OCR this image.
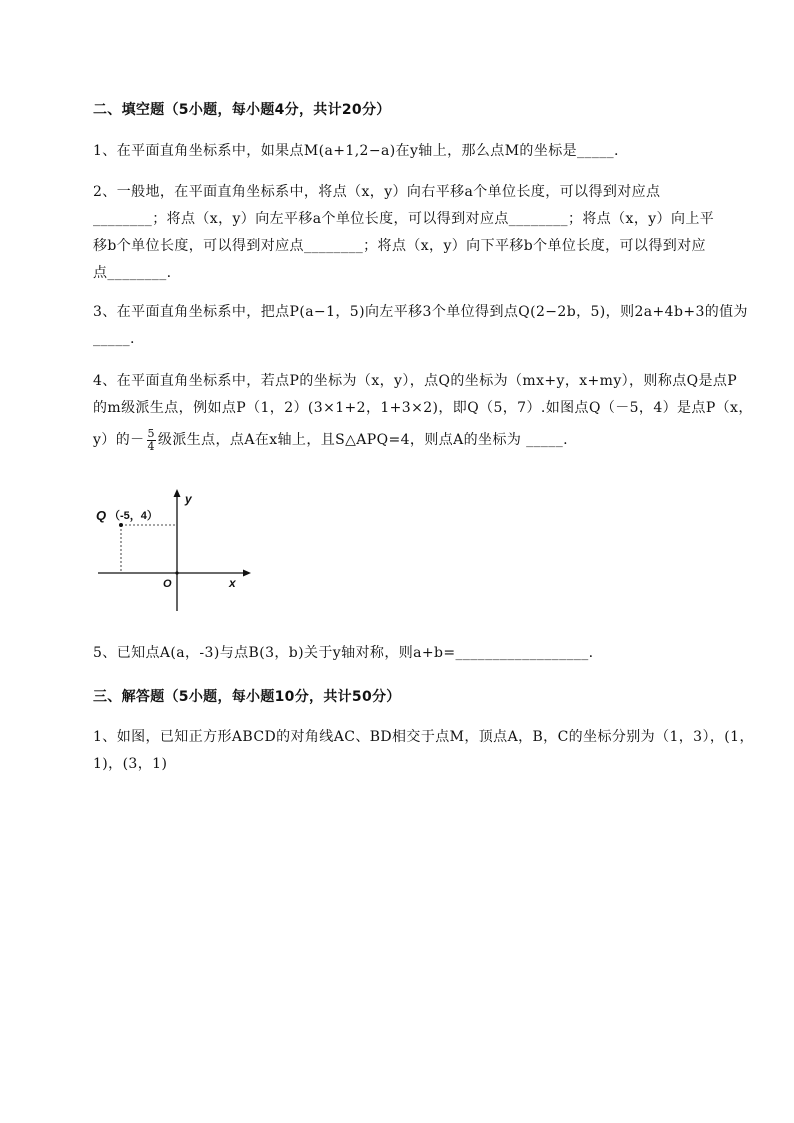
二、填空题（5小题，每小题4分，共计20分）
1、在平面直角坐标系中，如果点M(a+1,2−a)在y轴上，那么点M的坐标是_____.
2、一般地，在平面直角坐标系中，将点（x，y）向右平移a个单位长度，可以得到对应点
________；将点（x，y）向左平移a个单位长度，可以得到对应点________；将点（x，y）向上平
移b个单位长度，可以得到对应点________；将点（x，y）向下平移b个单位长度，可以得到对应
点________.
3、在平面直角坐标系中，把点P(a−1，5)向左平移3个单位得到点Q(2−2b，5)，则2a+4b+3的值为
_____.
4、在平面直角坐标系中，若点P的坐标为（x，y），点Q的坐标为（mx+y，x+my），则称点Q是点P
的m级派生点，例如点P（1，2）(3×1+2，1+3×2)，即Q（5，7）.如图点Q（－5，4）是点P（x，
y）的－ $\frac{5}{4}$ 级派生点，点A在x轴上，且S△APQ=4，则点A的坐标为 _____.
Q （-5，4）
y
x
O
5、已知点A(a，-3)与点B(3，b)关于y轴对称，则a+b=__________________.
三、解答题（5小题，每小题10分，共计50分）
1、如图，已知正方形ABCD的对角线AC、BD相交于点M，顶点A，B，C的坐标分别为（1，3），(1，
1)，(3，1)
